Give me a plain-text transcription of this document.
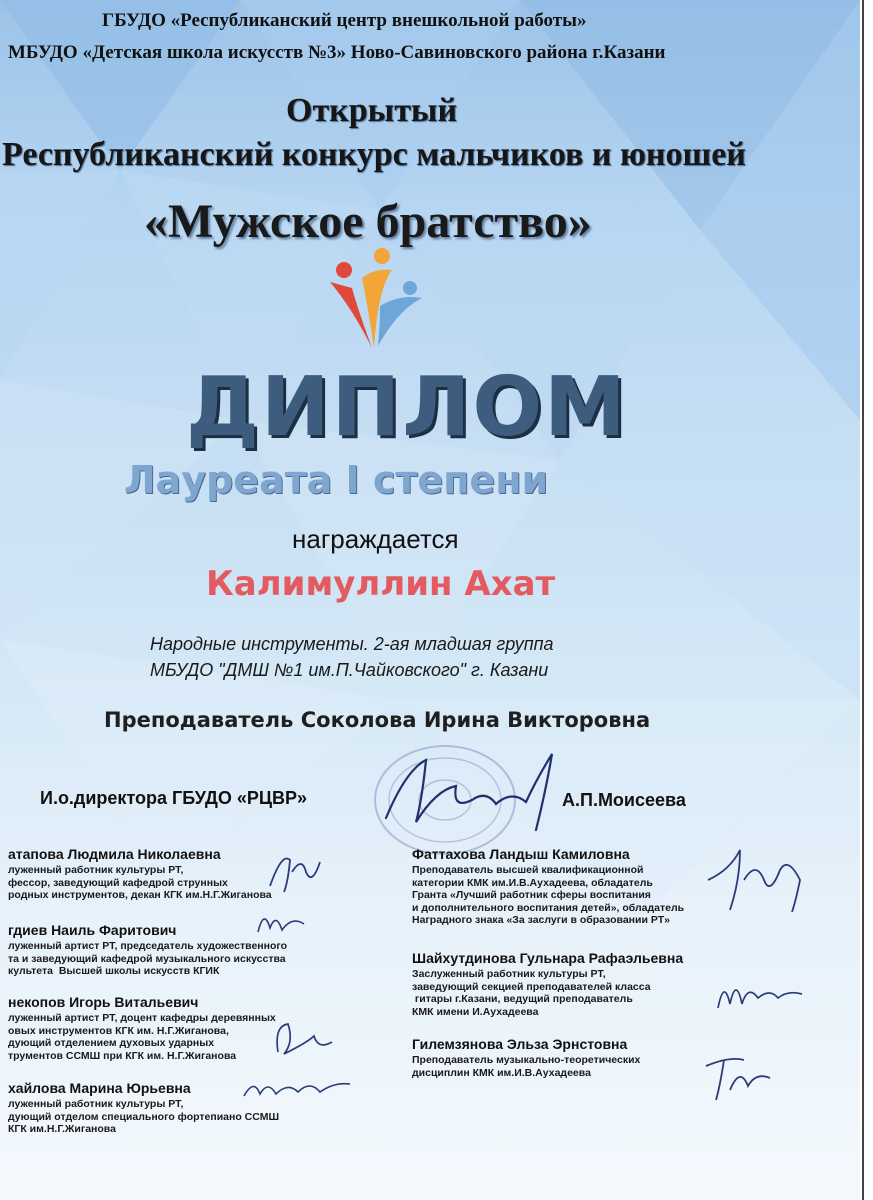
ГБУДО «Республиканский центр внешкольной работы»
МБУДО «Детская школа искусств №3» Ново-Савиновского района г.Казани
Открытый
Республиканский конкурс мальчиков и юношей
«Мужское братство»
ДИПЛОМ
Лауреата I степени
награждается
Калимуллин Ахат
Народные инструменты. 2-ая младшая группа
МБУДО "ДМШ №1 им.П.Чайковского" г. Казани
Преподаватель Соколова Ирина Викторовна
И.о.директора ГБУДО «РЦВР»	А.П.Моисеева
атапова Людмила Николаевна
луженный работник культуры РТ,
фессор, заведующий кафедрой струнных
родных инструментов, декан КГК им.Н.Г.Жиганова
гдиев Наиль Фаритович
луженный артист РТ, председатель художественного
та и заведующий кафедрой музыкального искусства
культета  Высшей школы искусств КГИК
некопов Игорь Витальевич
луженный артист РТ, доцент кафедры деревянных
овых инструментов КГК им. Н.Г.Жиганова,
дующий отделением духовых ударных
трументов ССМШ при КГК им. Н.Г.Жиганова
хайлова Марина Юрьевна
луженный работник культуры РТ,
дующий отделом специального фортепиано ССМШ
КГК им.Н.Г.Жиганова
Фаттахова Ландыш Камиловна
Преподаватель высшей квалификационной
категории КМК им.И.В.Аухадеева, обладатель
Гранта «Лучший работник сферы воспитания
и дополнительного воспитания детей», обладатель
Наградного знака «За заслуги в образовании РТ»
Шайхутдинова Гульнара Рафаэльевна
Заслуженный работник культуры РТ,
заведующий секцией преподавателей класса
гитары г.Казани, ведущий преподаватель
КМК имени И.Аухадеева
Гилемзянова Эльза Эрнстовна
Преподаватель музыкально-теоретических
дисциплин КМК им.И.В.Аухадеева
